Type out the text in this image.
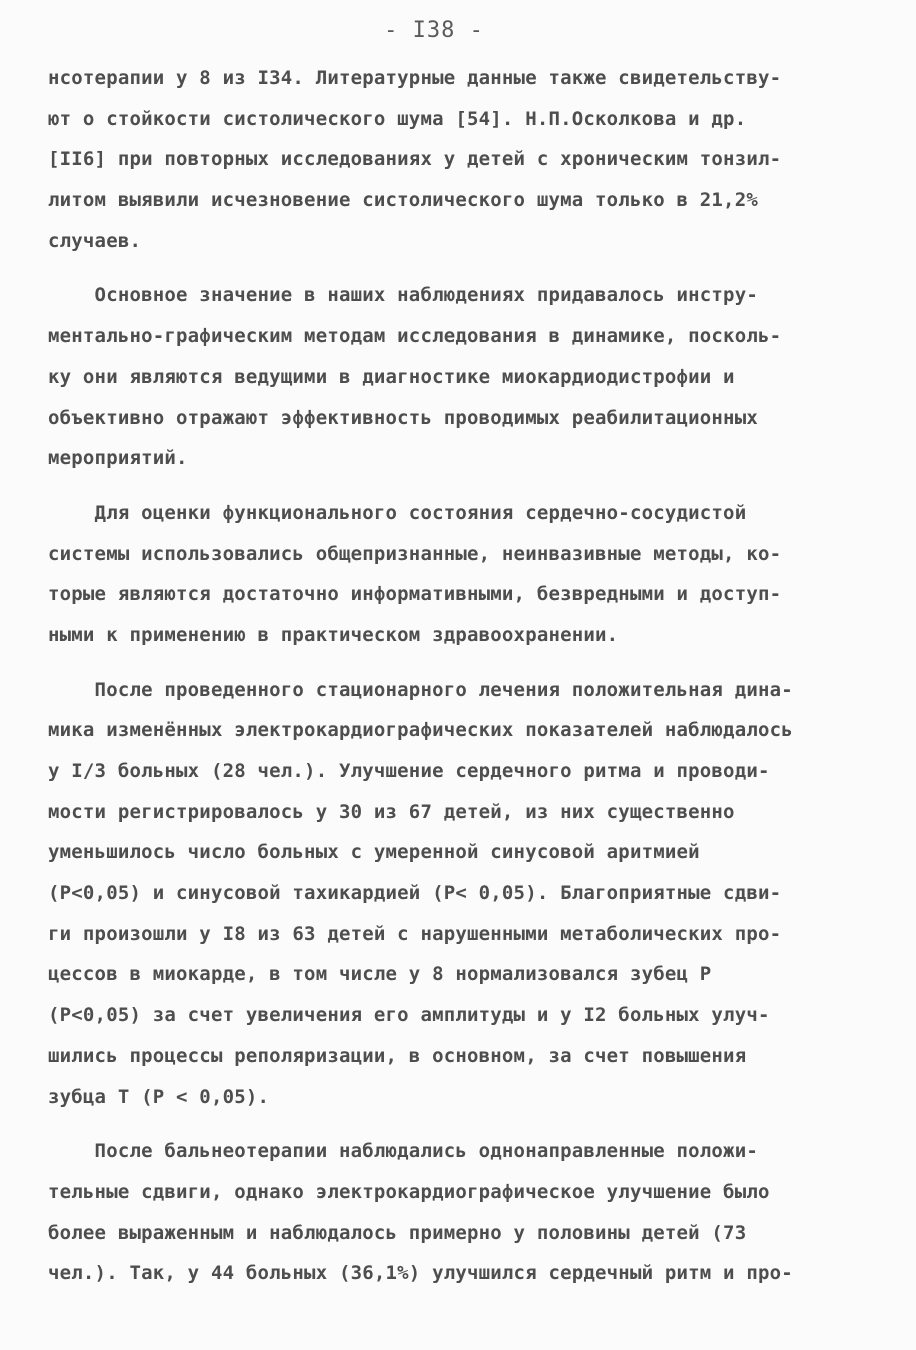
- I38 -
нсотерапии у 8 из I34. Литературные данные также свидетельству-
ют о стойкости систолического шума [54]. Н.П.Осколкова и др.
[II6] при повторных исследованиях у детей с хроническим тонзил-
литом выявили исчезновение систолического шума только в 21,2%
случаев.
Основное значение в наших наблюдениях придавалось инстру-
ментально-графическим методам исследования в динамике, посколь-
ку они являются ведущими в диагностике миокардиодистрофии и
объективно отражают эффективность проводимых реабилитационных
мероприятий.
Для оценки функционального состояния сердечно-сосудистой
системы использовались общепризнанные, неинвазивные методы, ко-
торые являются достаточно информативными, безвредными и доступ-
ными к применению в практическом здравоохранении.
После проведенного стационарного лечения положительная дина-
мика изменённых электрокардиографических показателей наблюдалось
у I/3 больных (28 чел.). Улучшение сердечного ритма и проводи-
мости регистрировалось у 30 из 67 детей, из них существенно
уменьшилось число больных с умеренной синусовой аритмией
(Р<0,05) и синусовой тахикардией (Р< 0,05). Благоприятные сдви-
ги произошли у I8 из 63 детей с нарушенными метаболических про-
цессов в миокарде, в том числе у 8 нормализовался зубец Р
(Р<0,05) за счет увеличения его амплитуды и у I2 больных улуч-
шились процессы реполяризации, в основном, за счет повышения
зубца Т (Р < 0,05).
После бальнеотерапии наблюдались однонаправленные положи-
тельные сдвиги, однако электрокардиографическое улучшение было
более выраженным и наблюдалось примерно у половины детей (73
чел.). Так, у 44 больных (36,1%) улучшился сердечный ритм и про-
